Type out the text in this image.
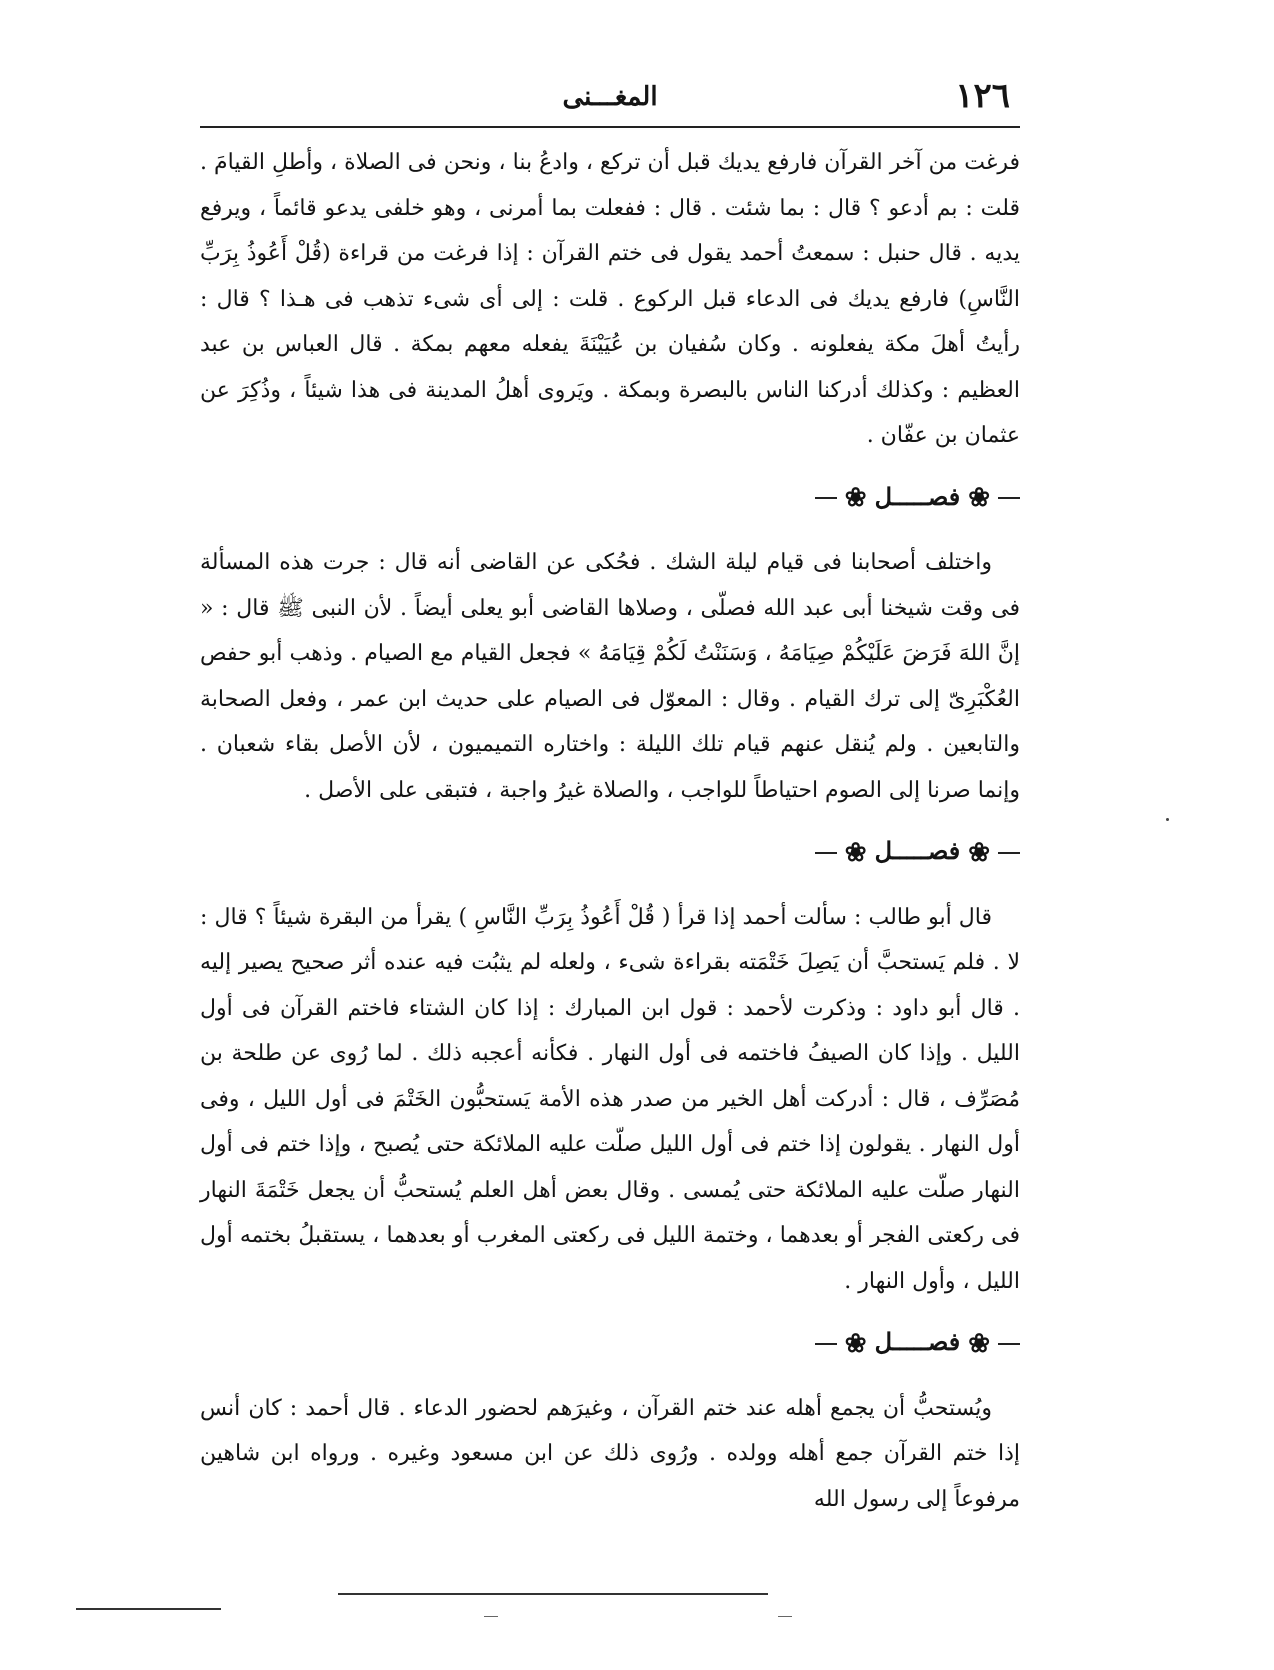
١٢٦
المغـــنى

فرغت من آخر القرآن فارفع يديك قبل أن تركع ، وادعُ بنا ، ونحن فى الصلاة ، وأطلِ القيامَ . قلت : بم أدعو ؟ قال : بما شئت . قال : ففعلت بما أمرنى ، وهو خلفى يدعو قائماً ، ويرفع يديه . قال حنبل : سمعتُ أحمد يقول فى ختم القرآن : إذا فرغت من قراءة (قُلْ أَعُوذُ بِرَبِّ النَّاسِ) فارفع يديك فى الدعاء قبل الركوع . قلت : إلى أى شىء تذهب فى هـذا ؟ قال : رأيتُ أهلَ مكة يفعلونه . وكان سُفيان بن عُيَيْنَةَ يفعله معهم بمكة . قال العباس بن عبد العظيم : وكذلك أدركنا الناس بالبصرة وبمكة . ويَروى أهلُ المدينة فى هذا شيئاً ، وذُكِرَ عن عثمان بن عفّان .

❀فصـــــل❀

واختلف أصحابنا فى قيام ليلة الشك . فحُكى عن القاضى أنه قال : جرت هذه المسألة فى وقت شيخنا أبى عبد الله فصلّى ، وصلاها القاضى أبو يعلى أيضاً . لأن النبى ﷺ قال : « إنَّ اللهَ فَرَضَ عَلَيْكُمْ صِيَامَهُ ، وَسَنَنْتُ لَكُمْ قِيَامَهُ » فجعل القيام مع الصيام . وذهب أبو حفص العُكْبَرِىّ إلى ترك القيام . وقال : المعوّل فى الصيام على حديث ابن عمر ، وفعل الصحابة والتابعين . ولم يُنقل عنهم قيام تلك الليلة : واختاره التميميون ، لأن الأصل بقاء شعبان . وإنما صرنا إلى الصوم احتياطاً للواجب ، والصلاة غيرُ واجبة ، فتبقى على الأصل .

❀فصـــــل❀

قال أبو طالب : سألت أحمد إذا قرأ ( قُلْ أَعُوذُ بِرَبِّ النَّاسِ ) يقرأ من البقرة شيئاً ؟ قال : لا . فلم يَستحبَّ أن يَصِلَ خَتْمَته بقراءة شىء ، ولعله لم يثبُت فيه عنده أثر صحيح يصير إليه . قال أبو داود : وذكرت لأحمد : قول ابن المبارك : إذا كان الشتاء فاختم القرآن فى أول الليل . وإذا كان الصيفُ فاختمه فى أول النهار . فكأنه أعجبه ذلك . لما رُوى عن طلحة بن مُصَرِّف ، قال : أدركت أهل الخير من صدر هذه الأمة يَستحبُّون الخَتْمَ فى أول الليل ، وفى أول النهار . يقولون إذا ختم فى أول الليل صلّت عليه الملائكة حتى يُصبح ، وإذا ختم فى أول النهار صلّت عليه الملائكة حتى يُمسى . وقال بعض أهل العلم يُستحبُّ أن يجعل خَتْمَةَ النهار فى ركعتى الفجر أو بعدهما ، وختمة الليل فى ركعتى المغرب أو بعدهما ، يستقبلُ بختمه أول الليل ، وأول النهار .

❀فصـــــل❀

ويُستحبُّ أن يجمع أهله عند ختم القرآن ، وغيرَهم لحضور الدعاء . قال أحمد : كان أنس إذا ختم القرآن جمع أهله وولده . ورُوى ذلك عن ابن مسعود وغيره . ورواه ابن شاهين مرفوعاً إلى رسول الله
